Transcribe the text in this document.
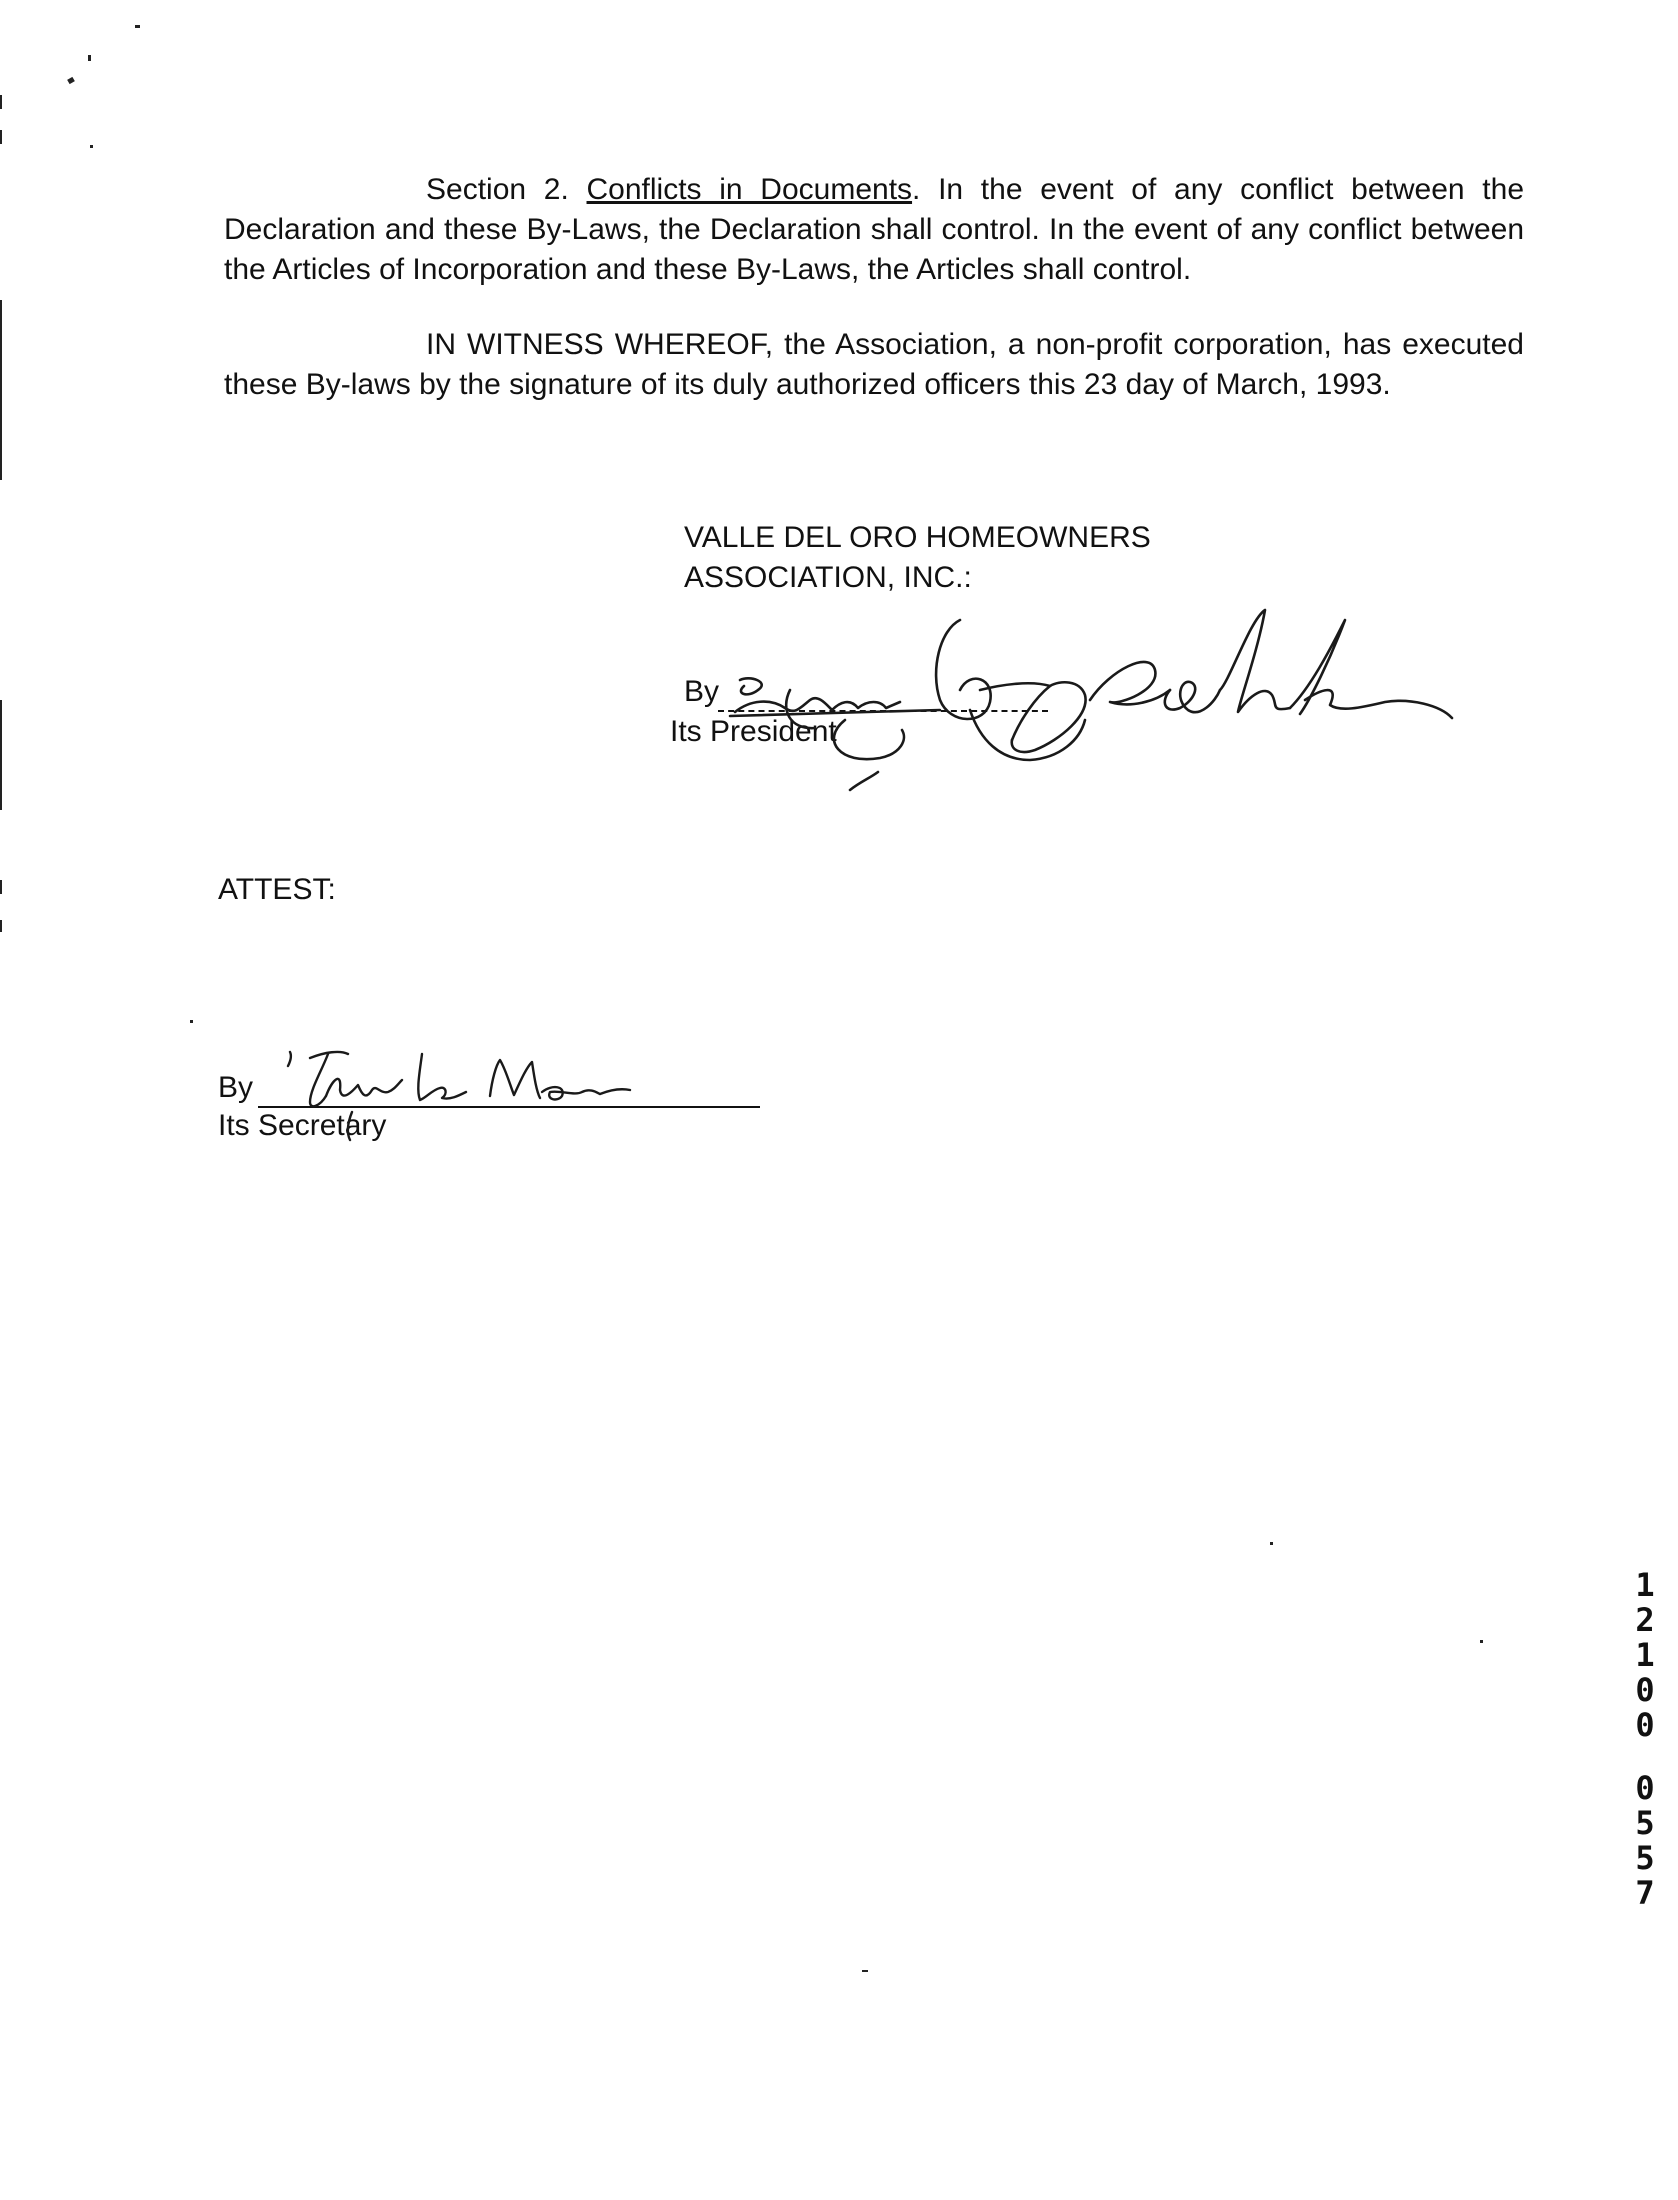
Section 2. Conflicts in Documents. In the event of any conflict between the Declaration and these By-Laws, the Declaration shall control. In the event of any conflict between the Articles of Incorporation and these By-Laws, the Articles shall control.
IN WITNESS WHEREOF, the Association, a non-profit corporation, has executed these By-laws by the signature of its duly authorized officers this 23 day of March, 1993.
VALLE DEL ORO HOMEOWNERS
ASSOCIATION, INC.:
By
Its President
ATTEST:
By
Its Secretary
1
2
1
0
0
0
5
5
7
